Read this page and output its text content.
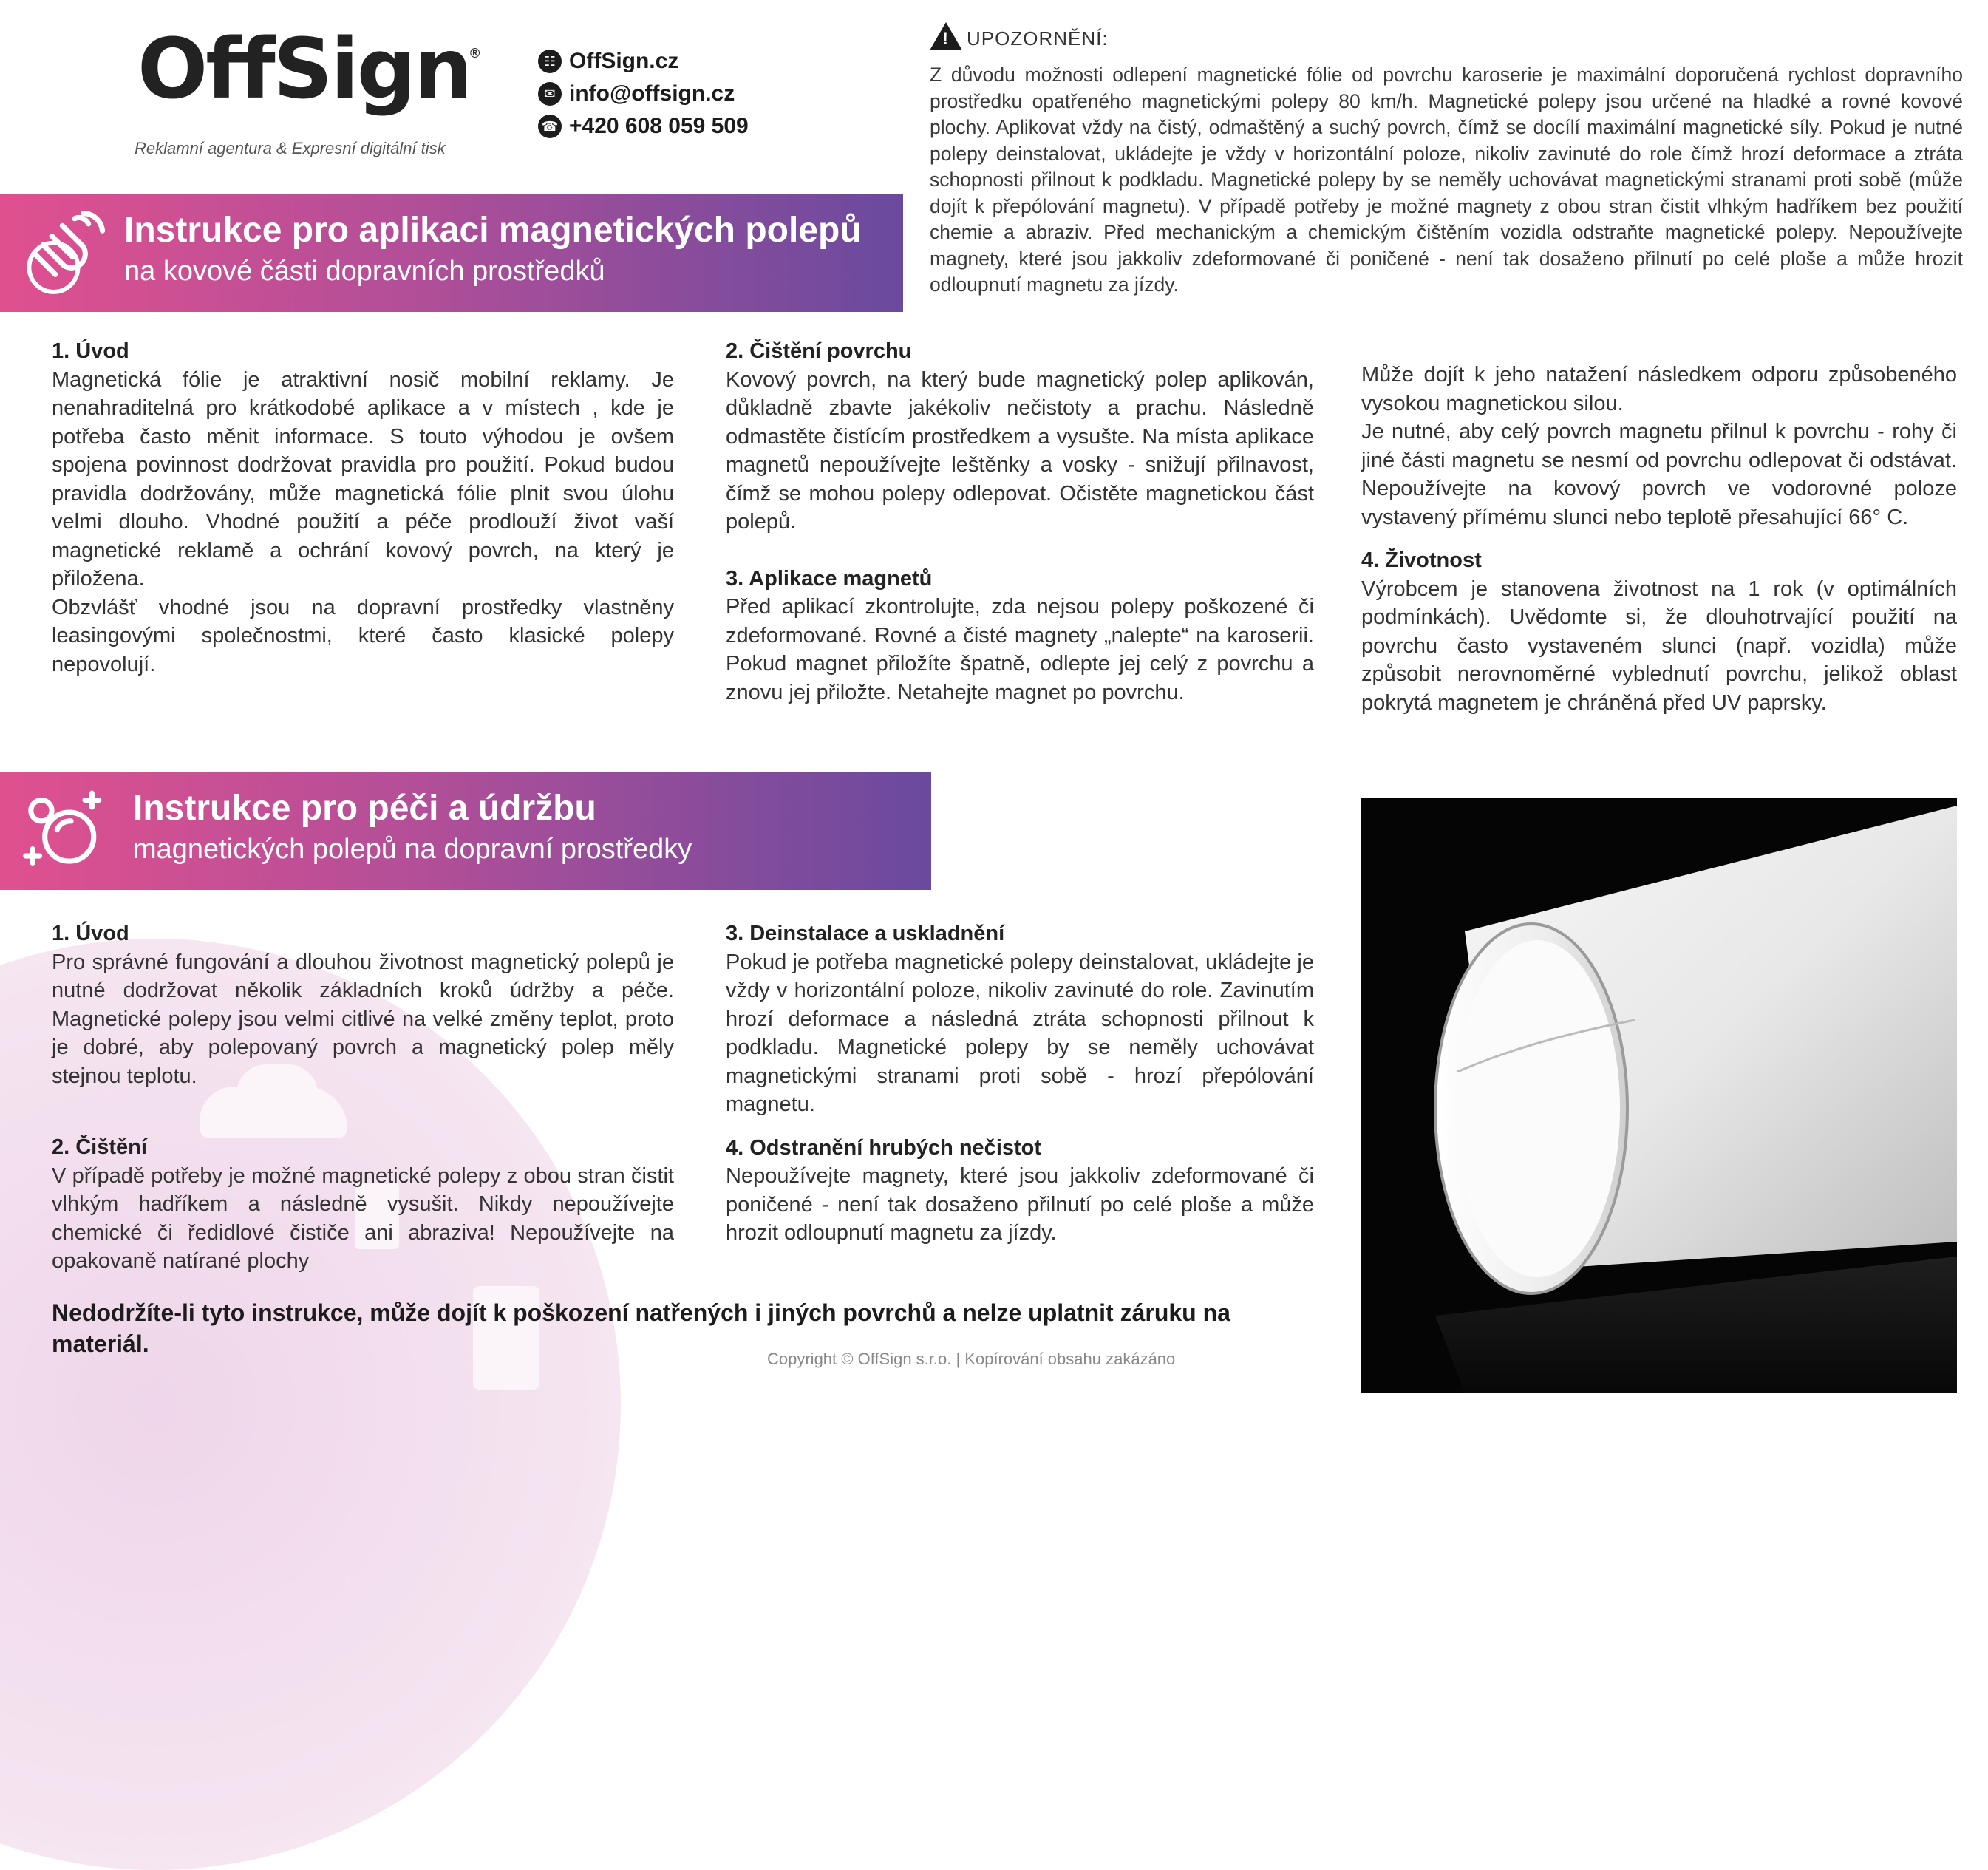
OffSign ®
Reklamní agentura & Expresní digitální tisk
☷ OffSign.cz
✉ info@offsign.cz
☎ +420 608 059 509
! UPOZORNĚNÍ:
Z důvodu možnosti odlepení magnetické fólie od povrchu karoserie je maximální doporučená rychlost dopravního prostředku opatřeného magnetickými polepy 80 km/h. Magnetické polepy jsou určené na hladké a rovné kovové plochy. Aplikovat vždy na čistý, odmaštěný a suchý povrch, čímž se docílí maximální magnetické síly. Pokud je nutné polepy deinstalovat, ukládejte je vždy v horizontální poloze, nikoliv zavinuté do role čímž hrozí deformace a ztráta schopnosti přilnout k podkladu. Magnetické polepy by se neměly uchovávat magnetickými stranami proti sobě (může dojít k přepólování magnetu). V případě potřeby je možné magnety z obou stran čistit vlhkým hadříkem bez použití chemie a abraziv. Před mechanickým a chemickým čištěním vozidla odstraňte magnetické polepy. Nepoužívejte magnety, které jsou jakkoliv zdeformované či poničené - není tak dosaženo přilnutí po celé ploše a může hrozit odloupnutí magnetu za jízdy.
Instrukce pro aplikaci magnetických polepů
na kovové části dopravních prostředků
1. Úvod

Magnetická fólie je atraktivní nosič mobilní reklamy. Je nenahraditelná pro krátkodobé aplikace a v místech , kde je potřeba často měnit informace. S touto výhodou je ovšem spojena povinnost dodržovat pravidla pro použití. Pokud budou pravidla dodržovány, může magnetická fólie plnit svou úlohu velmi dlouho. Vhodné použití a péče prodlouží život vaší magnetické reklamě a ochrání kovový povrch, na který je přiložena.

Obzvlášť vhodné jsou na dopravní prostředky vlastněny leasingovými společnostmi, které často klasické polepy nepovolují.

2. Čištění povrchu

Kovový povrch, na který bude magnetický polep aplikován, důkladně zbavte jakékoliv nečistoty a prachu. Následně odmastěte čistícím prostředkem a vysušte. Na místa aplikace magnetů nepoužívejte leštěnky a vosky - snižují přilnavost, čímž se mohou polepy odlepovat. Očistěte magnetickou část polepů.

3. Aplikace magnetů

Před aplikací zkontrolujte, zda nejsou polepy poškozené či zdeformované. Rovné a čisté magnety „nalepte“ na karoserii. Pokud magnet přiložíte špatně, odlepte jej celý z povrchu a znovu jej přiložte. Netahejte magnet po povrchu.

Může dojít k jeho natažení následkem odporu způsobeného vysokou magnetickou silou.

Je nutné, aby celý povrch magnetu přilnul k povrchu - rohy či jiné části magnetu se nesmí od povrchu odlepovat či odstávat. Nepoužívejte na kovový povrch ve vodorovné poloze vystavený přímému slunci nebo teplotě přesahující 66° C.

4. Životnost

Výrobcem je stanovena životnost na 1 rok (v optimálních podmínkách). Uvědomte si, že dlouhotrvající použití na povrchu často vystaveném slunci (např. vozidla) může způsobit nerovnoměrné vyblednutí povrchu, jelikož oblast pokrytá magnetem je chráněná před UV paprsky.

Instrukce pro péči a údržbu
magnetických polepů na dopravní prostředky
1. Úvod

Pro správné fungování a dlouhou životnost magnetický polepů je nutné dodržovat několik základních kroků údržby a péče. Magnetické polepy jsou velmi citlivé na velké změny teplot, proto je dobré, aby polepovaný povrch a magnetický polep měly stejnou teplotu.

2. Čištění

V případě potřeby je možné magnetické polepy z obou stran čistit vlhkým hadříkem a následně vysušit. Nikdy nepoužívejte chemické či ředidlové čističe ani abraziva! Nepoužívejte na opakovaně natírané plochy

3. Deinstalace a uskladnění

Pokud je potřeba magnetické polepy deinstalovat, ukládejte je vždy v horizontální poloze, nikoliv zavinuté do role. Zavinutím hrozí deformace a následná ztráta schopnosti přilnout k podkladu. Magnetické polepy by se neměly uchovávat magnetickými stranami proti sobě - hrozí přepólování magnetu.

4. Odstranění hrubých nečistot

Nepoužívejte magnety, které jsou jakkoliv zdeformované či poničené - není tak dosaženo přilnutí po celé ploše a může hrozit odloupnutí magnetu za jízdy.

Nedodržíte-li tyto instrukce, může dojít k poškození natřených i jiných povrchů a nelze uplatnit záruku na materiál.
Copyright © OffSign s.r.o. | Kopírování obsahu zakázáno
